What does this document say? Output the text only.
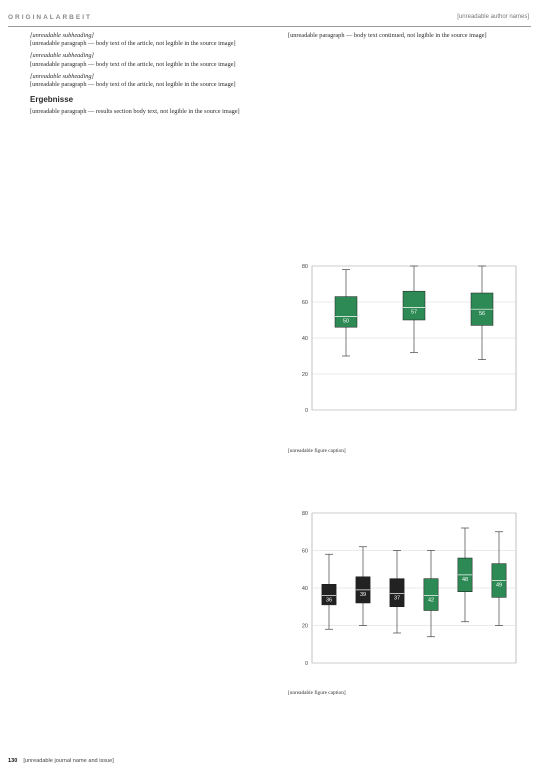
ORIGINALARBEIT	[unreadable author names]
[unreadable subheading]

[unreadable paragraph — body text of the article, not legible in the source image]

[unreadable subheading]

[unreadable paragraph — body text of the article, not legible in the source image]

[unreadable subheading]

[unreadable paragraph — body text of the article, not legible in the source image]

Ergebnisse

[unreadable paragraph — results section body text, not legible in the source image]

[unreadable paragraph — body text continued, not legible in the source image]

0
20
40
60
80
50
57	56
[unreadable figure caption]
0
20
40
60
80
36
39
37	42
48
49
[unreadable figure caption]
130 [unreadable journal name and issue]
